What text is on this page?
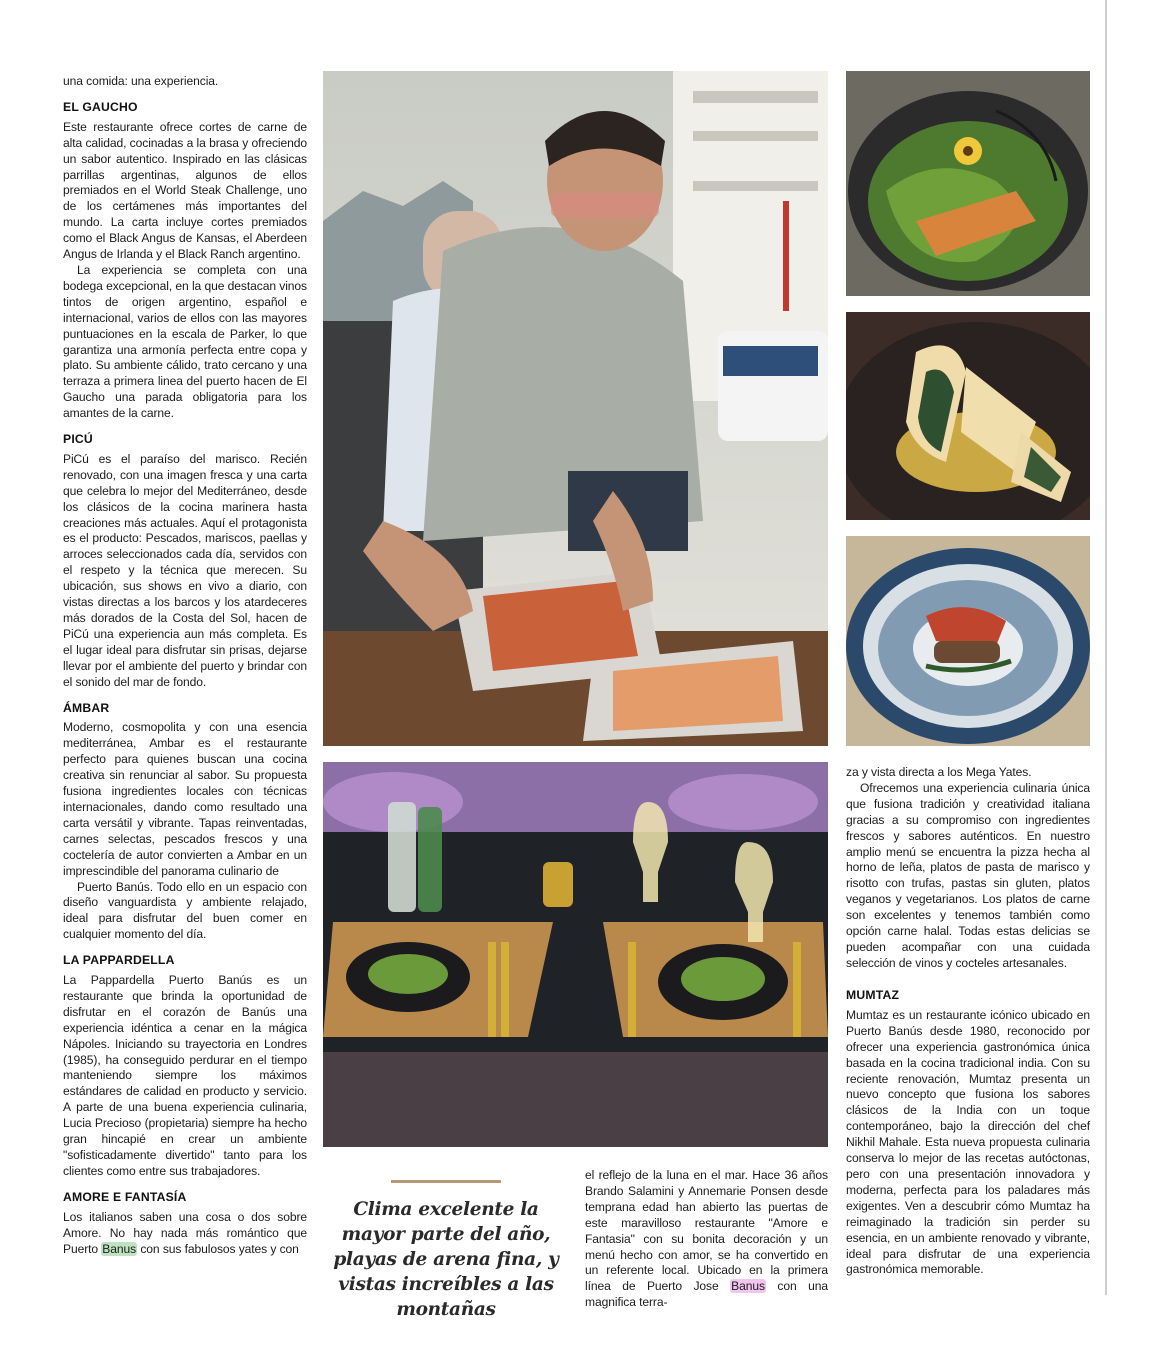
una comida: una experiencia.

EL GAUCHO

Este restaurante ofrece cortes de carne de alta calidad, cocinadas a la brasa y ofreciendo un sabor autentico. Inspirado en las clásicas parrillas argentinas, algunos de ellos premiados en el World Steak Challenge, uno de los certámenes más importantes del mundo. La carta incluye cortes premiados como el Black Angus de Kansas, el Aberdeen Angus de Irlanda y el Black Ranch argentino.

La experiencia se completa con una bodega excepcional, en la que destacan vinos tintos de origen argentino, español e internacional, varios de ellos con las mayores puntuaciones en la escala de Parker, lo que garantiza una armonía perfecta entre copa y plato. Su ambiente cálido, trato cercano y una terraza a primera linea del puerto hacen de El Gaucho una parada obligatoria para los amantes de la carne.

PICÚ

PiCú es el paraíso del marisco. Recién renovado, con una imagen fresca y una carta que celebra lo mejor del Mediterráneo, desde los clásicos de la cocina marinera hasta creaciones más actuales. Aquí el protagonista es el producto: Pescados, mariscos, paellas y arroces seleccionados cada día, servidos con el respeto y la técnica que merecen. Su ubicación, sus shows en vivo a diario, con vistas directas a los barcos y los atardeceres más dorados de la Costa del Sol, hacen de PiCú una experiencia aun más completa. Es el lugar ideal para disfrutar sin prisas, dejarse llevar por el ambiente del puerto y brindar con el sonido del mar de fondo.

ÁMBAR

Moderno, cosmopolita y con una esencia mediterránea, Ambar es el restaurante perfecto para quienes buscan una cocina creativa sin renunciar al sabor. Su propuesta fusiona ingredientes locales con técnicas internacionales, dando como resultado una carta versátil y vibrante. Tapas reinventadas, carnes selectas, pescados frescos y una coctelería de autor convierten a Ambar en un imprescindible del panorama culinario de

Puerto Banús. Todo ello en un espacio con diseño vanguardista y ambiente relajado, ideal para disfrutar del buen comer en cualquier momento del día.

LA PAPPARDELLA

La Pappardella Puerto Banús es un restaurante que brinda la oportunidad de disfrutar en el corazón de Banús una experiencia idéntica a cenar en la mágica Nápoles. Iniciando su trayectoria en Londres (1985), ha conseguido perdurar en el tiempo manteniendo siempre los máximos estándares de calidad en producto y servicio. A parte de una buena experiencia culinaria, Lucia Precioso (propietaria) siempre ha hecho gran hincapié en crear un ambiente "sofisticadamente divertido" tanto para los clientes como entre sus trabajadores.

AMORE E FANTASÍA

Los italianos saben una cosa o dos sobre Amore. No hay nada más romántico que Puerto Banus con sus fabulosos yates y con

Clima excelente la mayor parte del año, playas de arena fina, y vistas increíbles a las montañas

el reflejo de la luna en el mar. Hace 36 años Brando Salamini y Annemarie Ponsen desde temprana edad han abierto las puertas de este maravilloso restaurante "Amore e Fantasia" con su bonita decoración y un menú hecho con amor, se ha convertido en un referente local. Ubicado en la primera línea de Puerto Jose Banus con una magnifica terra-

za y vista directa a los Mega Yates.

Ofrecemos una experiencia culinaria única que fusiona tradición y creatividad italiana gracias a su compromiso con ingredientes frescos y sabores auténticos. En nuestro amplio menú se encuentra la pizza hecha al horno de leña, platos de pasta de marisco y risotto con trufas, pastas sin gluten, platos veganos y vegetarianos. Los platos de carne son excelentes y tenemos también como opción carne halal. Todas estas delicias se pueden acompañar con una cuidada selección de vinos y cocteles artesanales.

MUMTAZ

Mumtaz es un restaurante icónico ubicado en Puerto Banús desde 1980, reconocido por ofrecer una experiencia gastronómica única basada en la cocina tradicional india. Con su reciente renovación, Mumtaz presenta un nuevo concepto que fusiona los sabores clásicos de la India con un toque contemporáneo, bajo la dirección del chef Nikhil Mahale. Esta nueva propuesta culinaria conserva lo mejor de las recetas autóctonas, pero con una presentación innovadora y moderna, perfecta para los paladares más exigentes. Ven a descubrir cómo Mumtaz ha reimaginado la tradición sin perder su esencia, en un ambiente renovado y vibrante, ideal para disfrutar de una experiencia gastronómica memorable.
